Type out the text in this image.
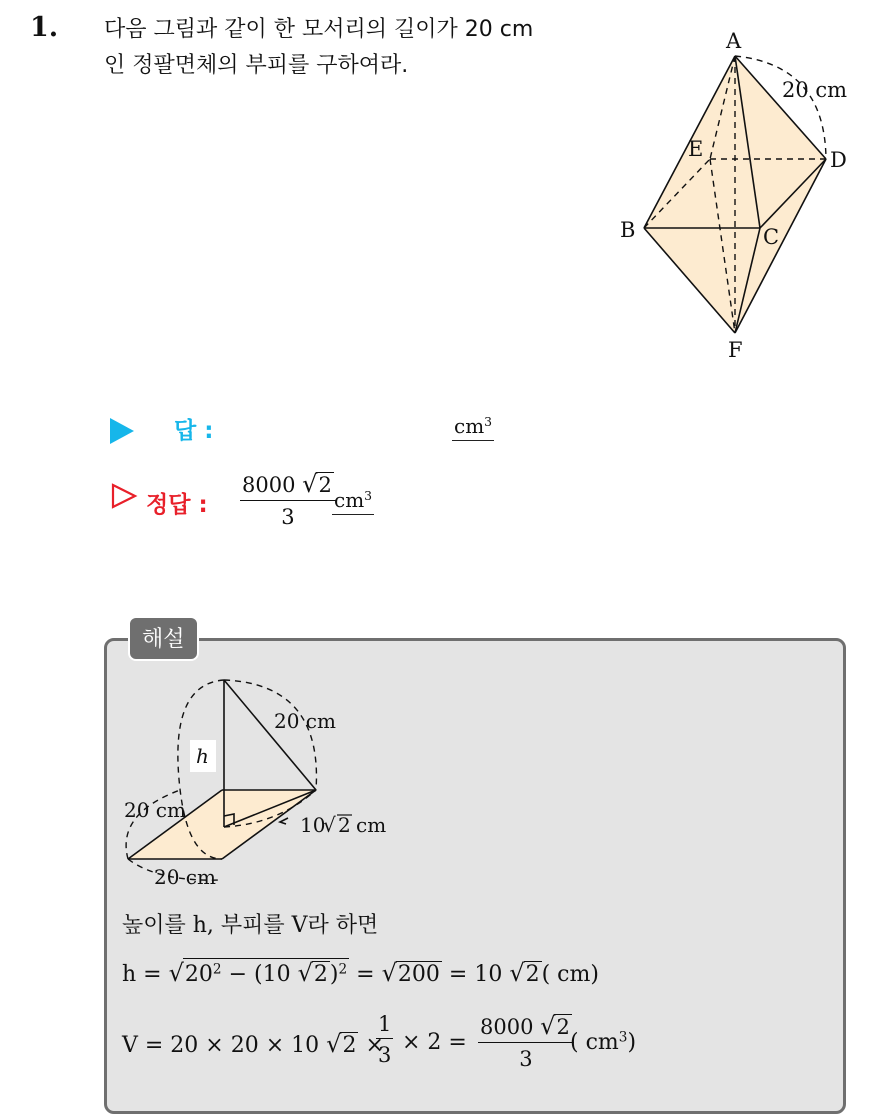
1. 다음 그림과 같이 한 모서리의 길이가 20 cm
인 정팔면체의 부피를 구하여라.
A
E	D
B	C
F
20 cm
답 :	$cm^3$
정답 : $\frac{8000 √2}{3}$
$cm^3$
해설
20 cm
h
20 cm
20 cm
10
√ 2 cm
높이를 h, 부피를 V라 하면
$h = √20^2 - (10$ √2)$^2$ = √200 = 10 √2( cm)
V = 20 × 20 × 10 √2 ×
$\frac{1}{3} \times 2 = \frac{8000 √2}{3}$
( $cm^3$)
